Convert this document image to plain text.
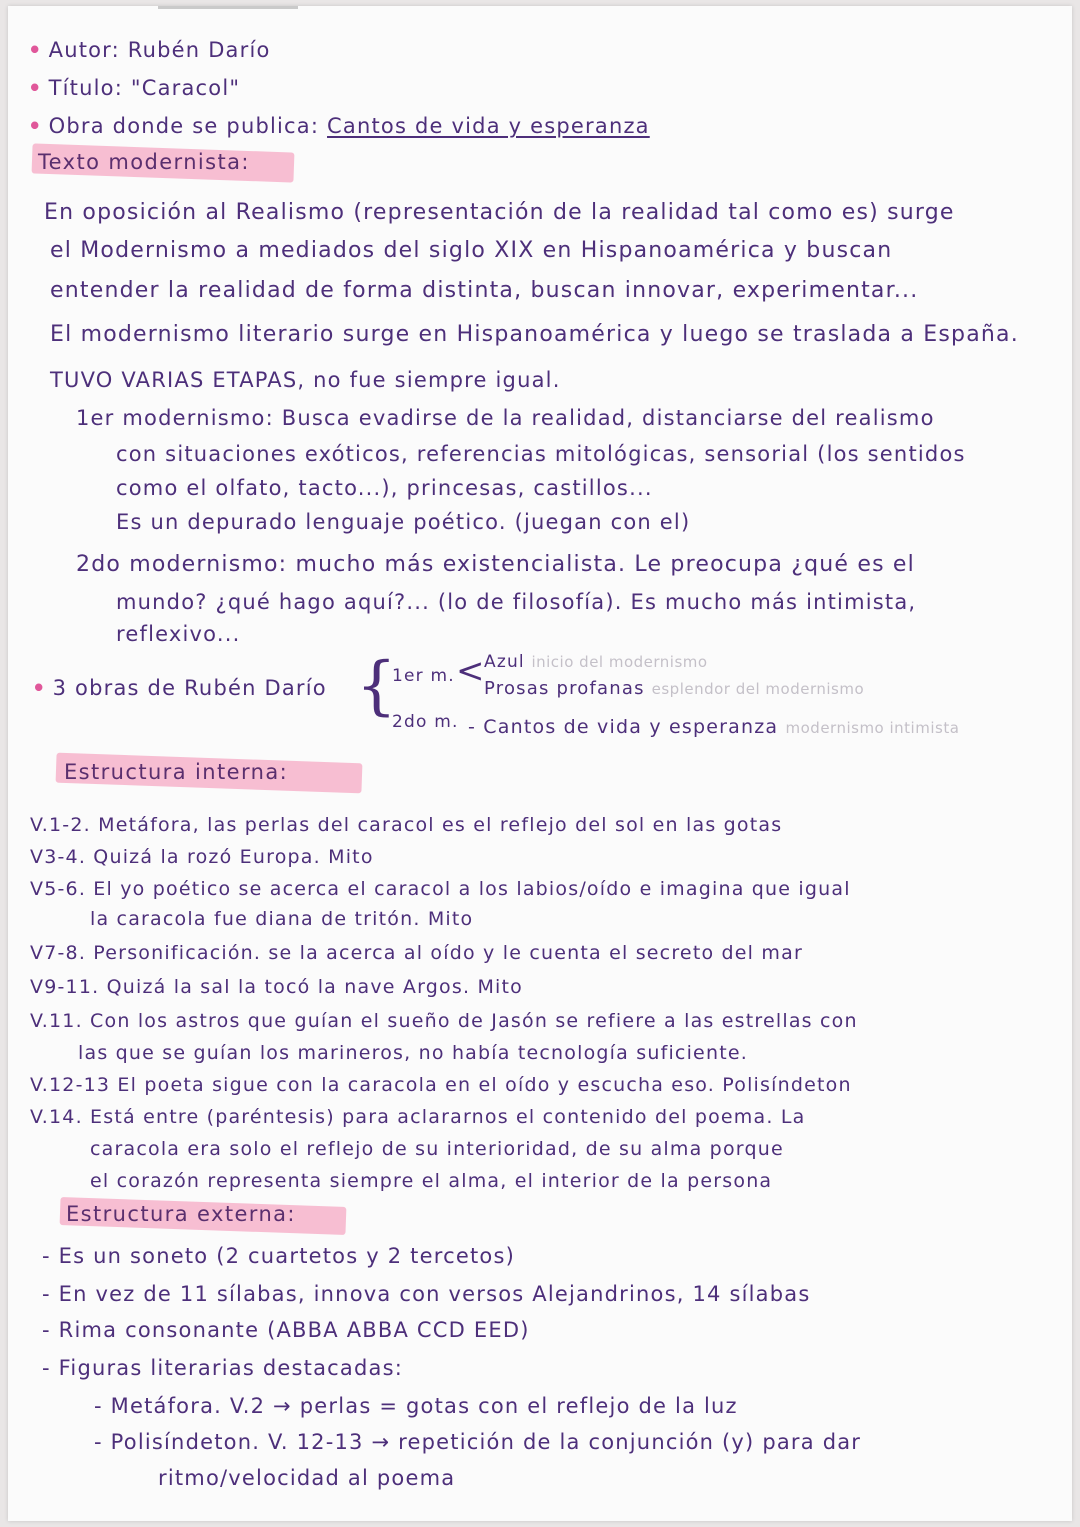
• Autor: Rubén Darío
• Título: "Caracol"
• Obra donde se publica: Cantos de vida y esperanza
Texto modernista:
En oposición al Realismo (representación de la realidad tal como es) surge
el Modernismo a mediados del siglo XIX en Hispanoamérica y buscan
entender la realidad de forma distinta, buscan innovar, experimentar...
El modernismo literario surge en Hispanoamérica y luego se traslada a España.
TUVO VARIAS ETAPAS, no fue siempre igual.
1er modernismo: Busca evadirse de la realidad, distanciarse del realismo
con situaciones exóticos, referencias mitológicas, sensorial (los sentidos
como el olfato, tacto...), princesas, castillos...
Es un depurado lenguaje poético. (juegan con el)
2do modernismo: mucho más existencialista. Le preocupa ¿qué es el
mundo? ¿qué hago aquí?... (lo de filosofía). Es mucho más intimista,
reflexivo...
• 3 obras de Rubén Darío {
1er m.
2do m.
< Azul inicio del modernismo
Prosas profanas esplendor del modernismo
- Cantos de vida y esperanza modernismo intimista
Estructura interna:
V.1-2. Metáfora, las perlas del caracol es el reflejo del sol en las gotas
V3-4. Quizá la rozó Europa. Mito
V5-6. El yo poético se acerca el caracol a los labios/oído e imagina que igual
la caracola fue diana de tritón. Mito
V7-8. Personificación. se la acerca al oído y le cuenta el secreto del mar
V9-11. Quizá la sal la tocó la nave Argos. Mito
V.11. Con los astros que guían el sueño de Jasón se refiere a las estrellas con
las que se guían los marineros, no había tecnología suficiente.
V.12-13 El poeta sigue con la caracola en el oído y escucha eso. Polisíndeton
V.14. Está entre (paréntesis) para aclararnos el contenido del poema. La
caracola era solo el reflejo de su interioridad, de su alma porque
el corazón representa siempre el alma, el interior de la persona
Estructura externa:
- Es un soneto (2 cuartetos y 2 tercetos)
- En vez de 11 sílabas, innova con versos Alejandrinos, 14 sílabas
- Rima consonante (ABBA ABBA CCD EED)
- Figuras literarias destacadas:
- Metáfora. V.2 → perlas = gotas con el reflejo de la luz
- Polisíndeton. V. 12-13 → repetición de la conjunción (y) para dar
ritmo/velocidad al poema
